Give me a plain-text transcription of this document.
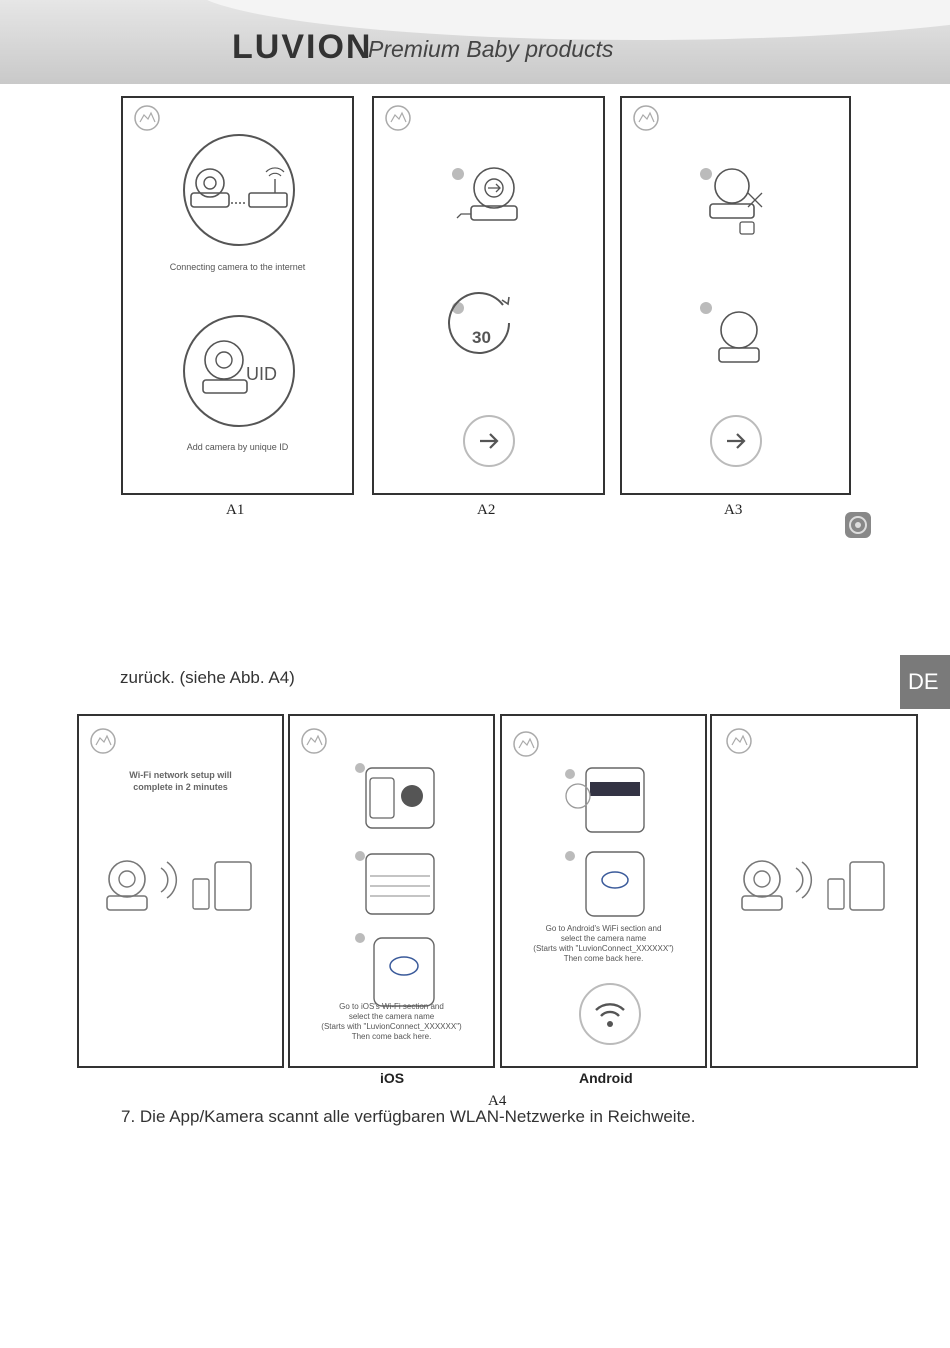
LUVION
Premium Baby products
Connecting camera to the internet
UID
Add camera by unique ID
A1
30
A2	A3
zurück. (siehe Abb. A4)	DE
Wi-Fi network setup will
complete in 2 minutes
Go to iOS's Wi-Fi section and
select the camera name
(Starts with "LuvionConnect_XXXXXX")
Then come back here.
iOS
Go to Android's WiFi section and
select the camera name
(Starts with "LuvionConnect_XXXXXX")
Then come back here.
Android
A4
7. Die App/Kamera scannt alle verfügbaren WLAN-Netzwerke in Reichweite.
